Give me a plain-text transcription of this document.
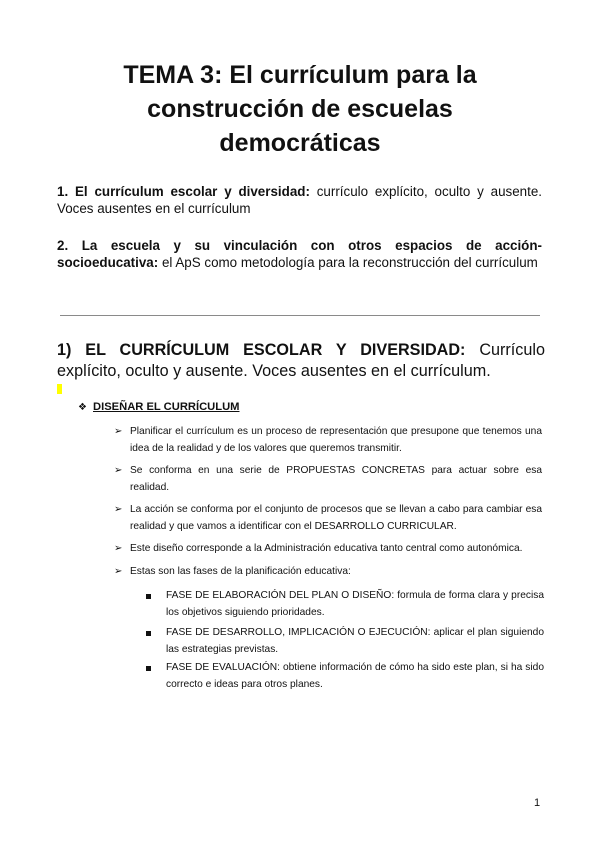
TEMA 3: El currículum para la
construcción de escuelas
democráticas
1. El currículum escolar y diversidad: currículo explícito, oculto y ausente. Voces ausentes en el currículum
2. La escuela y su vinculación con otros espacios de acción-socioeducativa: el ApS como metodología para la reconstrucción del currículum
1) EL CURRÍCULUM ESCOLAR Y DIVERSIDAD: Currículo explícito, oculto y ausente. Voces ausentes en el currículum.
❖ DISEÑAR EL CURRÍCULUM
➢ Planificar el currículum es un proceso de representación que presupone que tenemos una idea de la realidad y de los valores que queremos transmitir.
➢ Se conforma en una serie de PROPUESTAS CONCRETAS para actuar sobre esa realidad.
➢ La acción se conforma por el conjunto de procesos que se llevan a cabo para cambiar esa realidad y que vamos a identificar con el DESARROLLO CURRICULAR.
➢ Este diseño corresponde a la Administración educativa tanto central como autonómica.
➢ Estas son las fases de la planificación educativa:
FASE DE ELABORACIÓN DEL PLAN O DISEÑO: formula de forma clara y precisa los objetivos siguiendo prioridades.
FASE DE DESARROLLO, IMPLICACIÓN O EJECUCIÓN: aplicar el plan siguiendo las estrategias previstas.
FASE DE EVALUACIÓN: obtiene información de cómo ha sido este plan, si ha sido correcto e ideas para otros planes.
1
